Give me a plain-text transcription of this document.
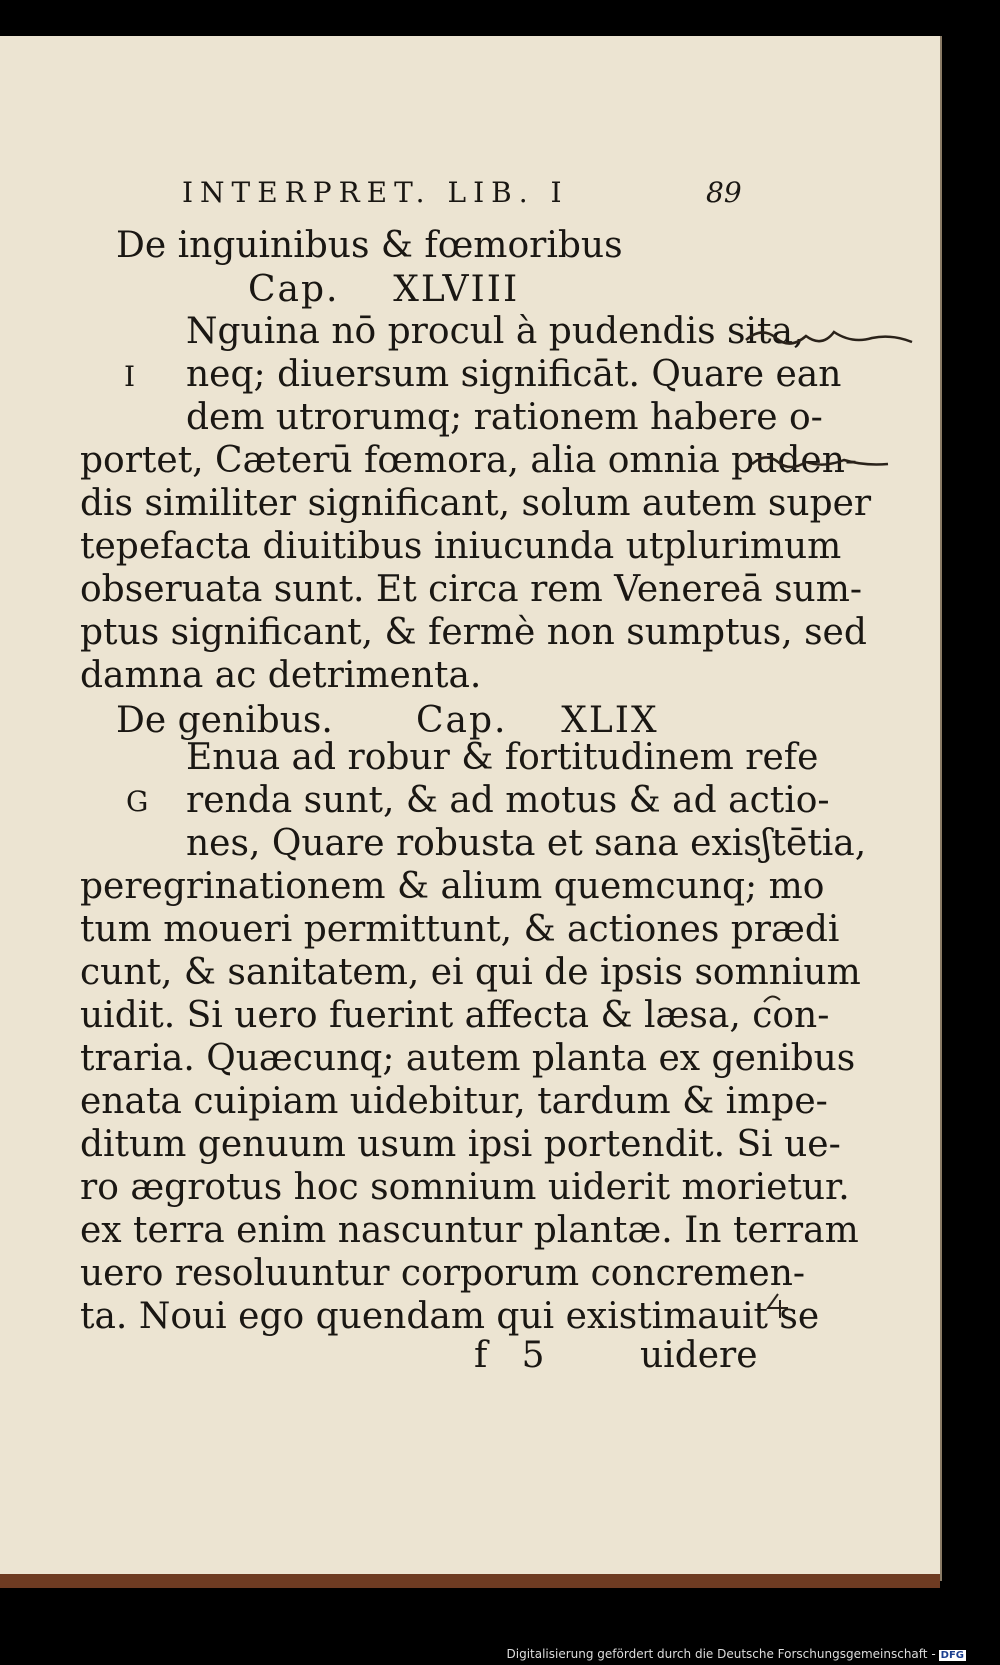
INTERPRET. LIB. I	89
De inguinibus & fœmoribus
Cap.    XLVIII
Nguina nō procul à pudendis sita,
I neq; diuersum significāt. Quare ean
dem utrorumq; rationem habere o-
portet, Cæterū fœmora, alia omnia puden-
dis similiter significant, solum autem super
tepefacta diuitibus iniucunda utplurimum
obseruata sunt. Et circa rem Venereā sum-
ptus significant, & fermè non sumptus, sed
damna ac detrimenta.
De genibus. Cap.    XLIX
Enua ad robur & fortitudinem refe
G renda sunt, & ad motus & ad actio-
nes, Quare robusta et sana exisʃtētia,
peregrinationem & alium quemcunq; mo
tum moueri permittunt, & actiones prædi
cunt, & sanitatem, ei qui de ipsis somnium
uidit. Si uero fuerint affecta & læsa, con-
traria. Quæcunq; autem planta ex genibus
enata cuipiam uidebitur, tardum & impe-
ditum genuum usum ipsi portendit. Si ue-
ro ægrotus hoc somnium uiderit morietur.
ex terra enim nascuntur plantæ. In terram
uero resoluuntur corporum concremen-
ta. Noui ego quendam qui existimauit se
f   5	uidere
Digitalisierung gefördert durch die Deutsche Forschungsgemeinschaft - DFG
